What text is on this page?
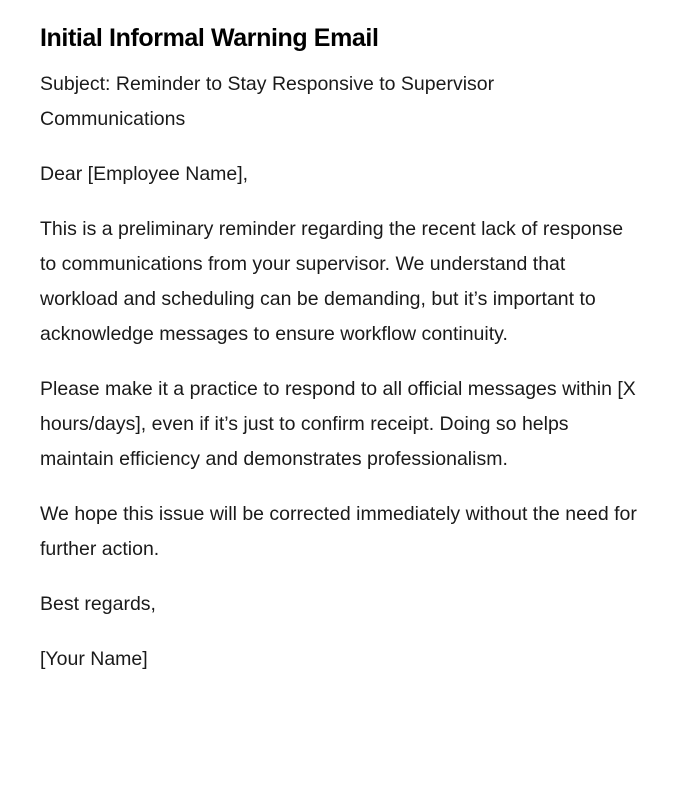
Initial Informal Warning Email

Subject: Reminder to Stay Responsive to Supervisor Communications

Dear [Employee Name],

This is a preliminary reminder regarding the recent lack of response to communications from your supervisor. We understand that workload and scheduling can be demanding, but it’s important to acknowledge messages to ensure workflow continuity.

Please make it a practice to respond to all official messages within [X hours/days], even if it’s just to confirm receipt. Doing so helps maintain efficiency and demonstrates professionalism.

We hope this issue will be corrected immediately without the need for further action.

Best regards,

[Your Name]
